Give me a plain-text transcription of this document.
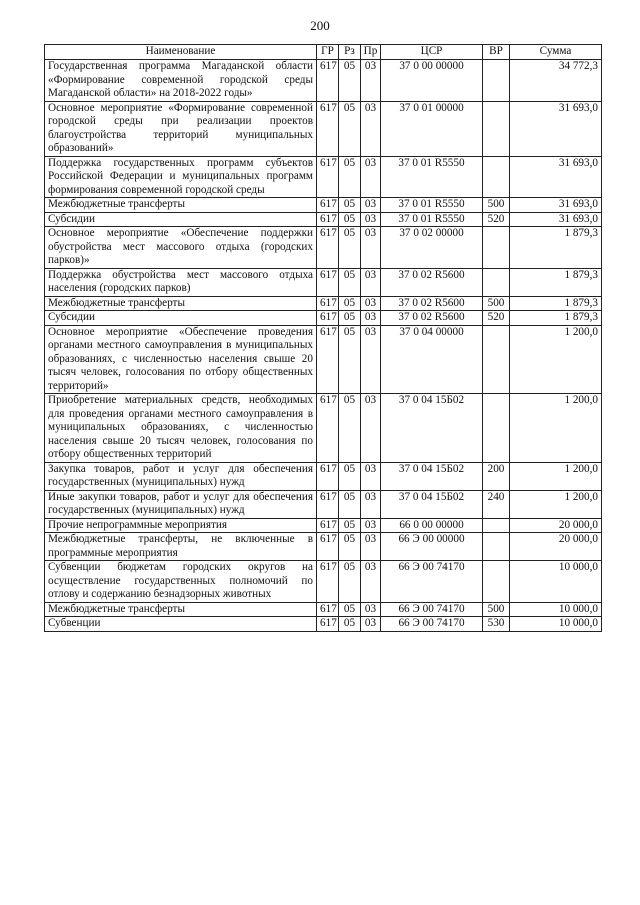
200
Наименование	ГР	Рз	Пр	ЦСР	ВР	Сумма
Государственная программа Магаданской области «Формирование современной городской среды Магаданской области» на 2018-2022 годы»	617	05	03	37 0 00 00000		34 772,3
Основное мероприятие «Формирование современной городской среды при реализации проектов благоустройства территорий муниципальных образований»	617	05	03	37 0 01 00000		31 693,0
Поддержка государственных программ субъектов Российской Федерации и муниципальных программ формирования современной городской среды	617	05	03	37 0 01 R5550		31 693,0
Межбюджетные трансферты	617	05	03	37 0 01 R5550	500	31 693,0
Субсидии	617	05	03	37 0 01 R5550	520	31 693,0
Основное мероприятие «Обеспечение поддержки обустройства мест массового отдыха (городских парков)»	617	05	03	37 0 02 00000		1 879,3
Поддержка обустройства мест массового отдыха населения (городских парков)	617	05	03	37 0 02 R5600		1 879,3
Межбюджетные трансферты	617	05	03	37 0 02 R5600	500	1 879,3
Субсидии	617	05	03	37 0 02 R5600	520	1 879,3
Основное мероприятие «Обеспечение проведения органами местного самоуправления в муниципальных образованиях, с численностью населения свыше 20 тысяч человек, голосования по отбору общественных территорий»	617	05	03	37 0 04 00000		1 200,0
Приобретение материальных средств, необходимых для проведения органами местного самоуправления в муниципальных образованиях, с численностью населения свыше 20 тысяч человек, голосования по отбору общественных территорий	617	05	03	37 0 04 15Б02		1 200,0
Закупка товаров, работ и услуг для обеспечения государственных (муниципальных) нужд	617	05	03	37 0 04 15Б02	200	1 200,0
Иные закупки товаров, работ и услуг для обеспечения государственных (муниципальных) нужд	617	05	03	37 0 04 15Б02	240	1 200,0
Прочие непрограммные мероприятия	617	05	03	66 0 00 00000		20 000,0
Межбюджетные трансферты, не включенные в программные мероприятия	617	05	03	66 Э 00 00000		20 000,0
Субвенции бюджетам городских округов на осуществление государственных полномочий по отлову и содержанию безнадзорных животных	617	05	03	66 Э 00 74170		10 000,0
Межбюджетные трансферты	617	05	03	66 Э 00 74170	500	10 000,0
Субвенции	617	05	03	66 Э 00 74170	530	10 000,0
